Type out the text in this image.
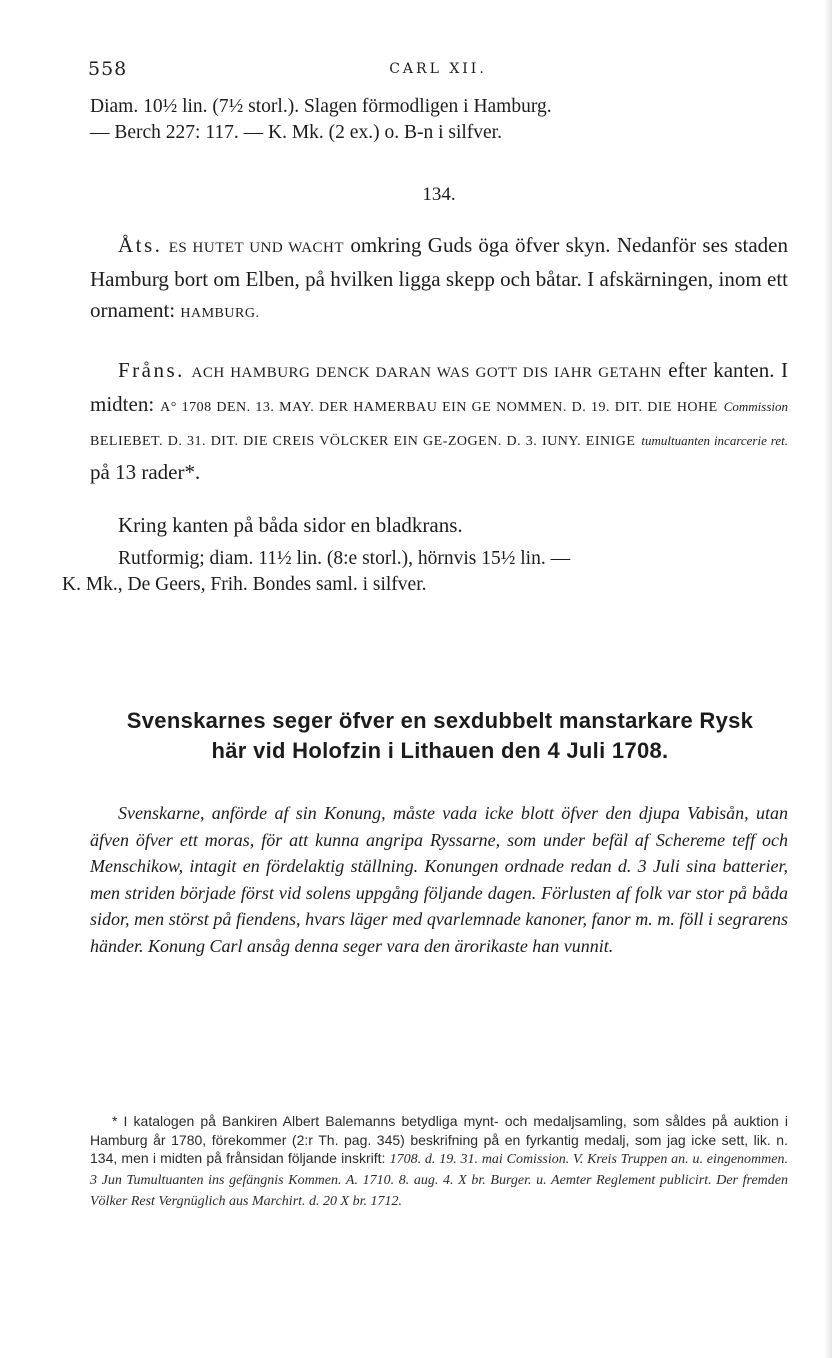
558	CARL XII.

Diam. 10½ lin. (7½ storl.). Slagen förmodligen i Hamburg.

— Berch 227: 117. — K. Mk. (2 ex.) o. B-n i silfver.

134.
Åts. ES HUTET UND WACHT omkring Guds öga öfver skyn. Nedanför ses staden Hamburg bort om Elben, på hvilken ligga skepp och båtar. I afskärningen, inom ett ornament: HAMBURG.
Fråns. ACH HAMBURG DENCK DARAN WAS GOTT DIS IAHR GETAHN efter kanten. I midten: A° 1708 DEN. 13. MAY. DER HAMERBAU EIN GE NOMMEN. D. 19. DIT. DIE HOHE Commission BELIEBET. D. 31. DIT. DIE CREIS VÖLCKER EIN GE-ZOGEN. D. 3. IUNY. EINIGE tumultuanten incarcerie ret. på 13 rader*.
Kring kanten på båda sidor en bladkrans.

Rutformig; diam. 11½ lin. (8:e storl.), hörnvis 15½ lin. —

K. Mk., De Geers, Frih. Bondes saml. i silfver.

Svenskarnes seger öfver en sexdubbelt manstarkare Rysk här vid Holofzin i Lithauen den 4 Juli 1708.
Svenskarne, anförde af sin Konung, måste vada icke blott öfver den djupa Vabisån, utan äfven öfver ett moras, för att kunna angripa Ryssarne, som under befäl af Schereme teff och Menschikow, intagit en fördelaktig ställning. Konungen ordnade redan d. 3 Juli sina batterier, men striden började först vid solens uppgång följande dagen. Förlusten af folk var stor på båda sidor, men störst på fiendens, hvars läger med qvarlemnade kanoner, fanor m. m. föll i segrarens händer. Konung Carl ansåg denna seger vara den ärorikaste han vunnit.
* I katalogen på Bankiren Albert Balemanns betydliga mynt- och medaljsamling, som såldes på auktion i Hamburg år 1780, förekommer (2:r Th. pag. 345) beskrifning på en fyrkantig medalj, som jag icke sett, lik. n. 134, men i midten på frånsidan följande inskrift: 1708. d. 19. 31. mai Comission. V. Kreis Truppen an. u. eingenommen. 3 Jun Tumultuanten ins gefängnis Kommen. A. 1710. 8. aug. 4. X br. Burger. u. Aemter Reglement publicirt. Der fremden Völker Rest Vergnüglich aus Marchirt. d. 20 X br. 1712.
